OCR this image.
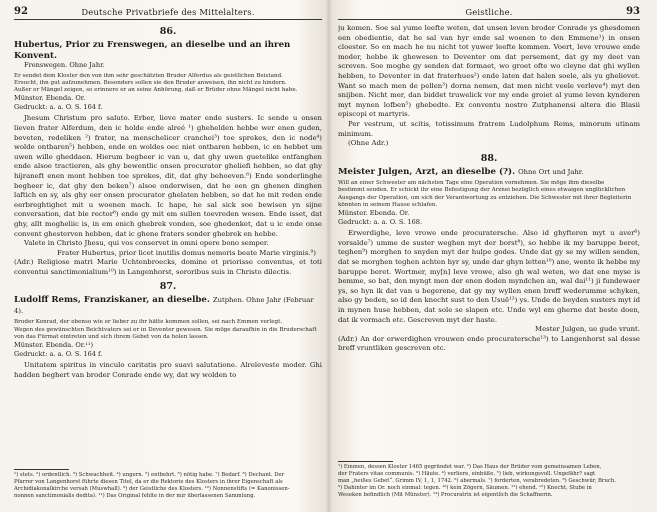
92	Deutsche Privatbriefe des Mittelalters.
86.
Hubertus, Prior zu Frenswegen, an dieselbe und an ihren Konvent.
Frenswegen. Ohne Jahr.
Er sendet dem Kloster den von ihm sehr geschätzten Bruder Alferdus als geistlichen Beistand.
Ersucht, ihn gut aufzunehmen. Besonders sollen sie den Bruder anweisen, ihn nicht zu hindern.
Außer er Mängel zeigen, so erinnere er an seine Anhörung, daß er Brüder ohne Mängel nicht habe.
Münster. Ebenda. Or.
Gedruckt: a. a. O. S. 164 f.

Jhesum Christum pro saluto. Erber, lieve mater ende susters. Ic sende u onsen lieven frater Alferdum, den ic holde ende alreé ¹) ghehelden hebbe wer enen guden, beveten, redeliken ²) frater, na menschelicer cranchei³) toe sprekes, den ic node⁴) wolde ontbaren⁵) hebben, ende en woldes oec niet ontbaren hebben, ic en hebbet um uwen wille gheddaen. Hierum begheer ic van u, dat ghy uwen guetelike entfanghen ende alsoe tractieren, als ghy bewentlic onsen procurator gheliefi hebben, so dat ghy hijraneft enen mont hebben toe sprekes, dit, dat ghy behoeven.⁶) Ende sonderlinghe begheer ic, dat ghy den beken⁷) alsoe onderwisen, dat he een gn ghenen dinghen laftich en sy, als ghy eer onsen procurator ghelaten hebben, so dat he mit reden ende eerbreghtighet mit u woenen mach. Ic hape, he sal sick soe bewisen yn sijne conversation, dat bie rector⁸) ende gy mit em sullen toevreden wesen. Ende isset, dat ghy, allt mogheliic is, in em enich ghebrek vonden, soe ghedenket, dat u ic ende onse convent ghesterven hebben, dat ic ghene fraters sonder ghebrek en hebbe.

Valete in Christo Jhesu, qui vos conservet in omni opere bono semper.

Frater Hubertus, prior licet inutilis domus nemoris beate Marie virginis.⁹)

(Adr.) Religiose matri Marie Uchtenbroecks, domine et priorisse conventus, et toti conventui sanctimonialium¹⁰) in Langenhorst, sororibus suis in Christo dilectis.

87.
Ludolff Rems, Franziskaner, an dieselbe. Zutphen. Ohne Jahr (Februar 4).
Bruder Konrad, der ebenso wie er lieber zu ihr hätte kommen sollen, sei nach Emmen verlegt.
Wegen des gewünschten Beichtvaters sei er in Deventer gewesen. Sie möge daraufhin in die Bruderschaft
von das Fürmat eintreten und sich ihrem Gebet von da holen lassen.
Münster. Ebenda. Or.¹¹)
Gedruckt: a. a. O. S. 164 f.

Unitatem spiritus in vinculo caritatis pro suavi salutatione. Alreleveste moder. Ghi hadden beghert van broder Conrade ende wy, dat wy wolden to

¹) stets. ²) ordentlich. ³) Schwachheit. ⁴) ungern. ⁵) entbehrt. ⁶) nötig habe. ⁷) Bedarf. ⁸) Dechant. Der
Pfarrer von Langenhorst führte diesen Titel, da er die Rektorie des Klosters in ihrer Eigenschaft als
Archidiakonalkirche versah (Muswhall). ⁹) der Geistliche des Klosters. ¹⁰) Nonnenstifts (= Kanonissen-
nonnen sanctimonialis dedita). ¹¹) Das Original fehlte in der mir überlassenen Sammlung.
Geistliche.	93

ju komen. Soe sal yume leefte weten, dat unsen leven broder Conrade ys ghesdomen een obedientie, dat he sal van hyr ende sal woenen to den Emmene¹) in onsen cloester. So en mach he nu nicht tot yuwer leefte kommen. Voert, leve vrouwe ende moder, hebbe ik ghewesen to Deventer om dat persement, dat gy my deet van screven. Soe moghe gy senden dat formaet, wo groet ofte wo cleyne dat ghi wyllen hebben, to Deventer in dat fraterhues²) ende laten dat halen soele, als yu ghelievet. Want so mach men de pellen³) dorna nemen, dat men nicht veele verleve⁴) myt den snijben. Nicht mer, dan biddet truwelick vor my ende groiet al yume leven kynderen myt mynen lofben⁵) ghebedte. Ex conventu nostro Zutphanensi altera die Blasii episcopi et martyris.

Per vestrum, ut scitis, totissimum fratrem Ludolphum Rems, minorum utinam minimum.

(Ohne Adr.)

88.
Meister Julgen, Arzt, an dieselbe (?). Ohne Ort und Jahr.
Will an einer Schwester am nächsten Tage eine Operation vornehmen. Sie möge ihm dieselbe
bestimmt senden. Er schickt ihr eine Befestigung der Arznei bezüglich eines etwaigen unglücklichen
Ausgangs der Operation, um sich der Verantwortung zu entziehen. Die Schwester mit ihrer Begleiterin
könnten in seinem Hause schlafen.
Münster. Ebenda. Or.
Gedruckt: a. a. O. S. 168.

Erwerdighe, leve vrowe ende procuratersche. Also id ghyfteren myt u aver⁶) vorsalde⁷) umme de suster weghen myt der borst⁸), so hebbe ik my baruppe beret, teghen⁹) morghen to snyden myt der hulpe godes. Unde dat gy se my willen senden, dat se morghen teghen achten hyr sy, unde dar ghyn letten¹⁰) ane, wente ik hebbe my baruppe beret. Wortmer, my[n] leve vrowe, also gh wal weten, wo dat ene myse is bemme, so bat, den myngt men der enen doden myndchen an, wal dai¹¹) ji fundewaer ys, so hyn ik dat van u begerene, dat gy my wyllen enen breff wederumme schyken, also gy beden, so id den knecht sust to den Usuë¹²) ys. Unde de beyden susters myt id in mynen huse hebben, dat sole se slapen etc. Unde wyl em gherne dat beste doen, dat ik vormach etc. Gescreven myt der haste.

Mester Julgen, ue gude vrunt.

(Adr.) An der erwerdighen vrouwen ende procuratersche¹³) to Langenhorst sal desse breff vruntliken gescreven etc.

¹) Emmen, dessen Kloster 1465 gegründet war. ²) Das Haus der Brüder vom gemeinsamen Leben,
der Fraters vitae communis. ³) Häute. ⁴) verliere, einbüße. ⁵) lieb, wirkungsvoll. Ungefähr? sagt
man „heißes Gebet“. Grimm IV, 1, 1, 1742. ⁶) abermals. ⁷) forderten, verabredeten. ⁸) Geschwür, Bruch.
⁹) Dahinter im Or. noch einmal: tegen. ¹⁰) kein Zögern, Säumen. ¹¹) ehend. ¹²) Knecht, Stube in
Weseken befindlich (Mit Münster). ¹³) Procuratrix ist eigentlich die Schaffnerin.
